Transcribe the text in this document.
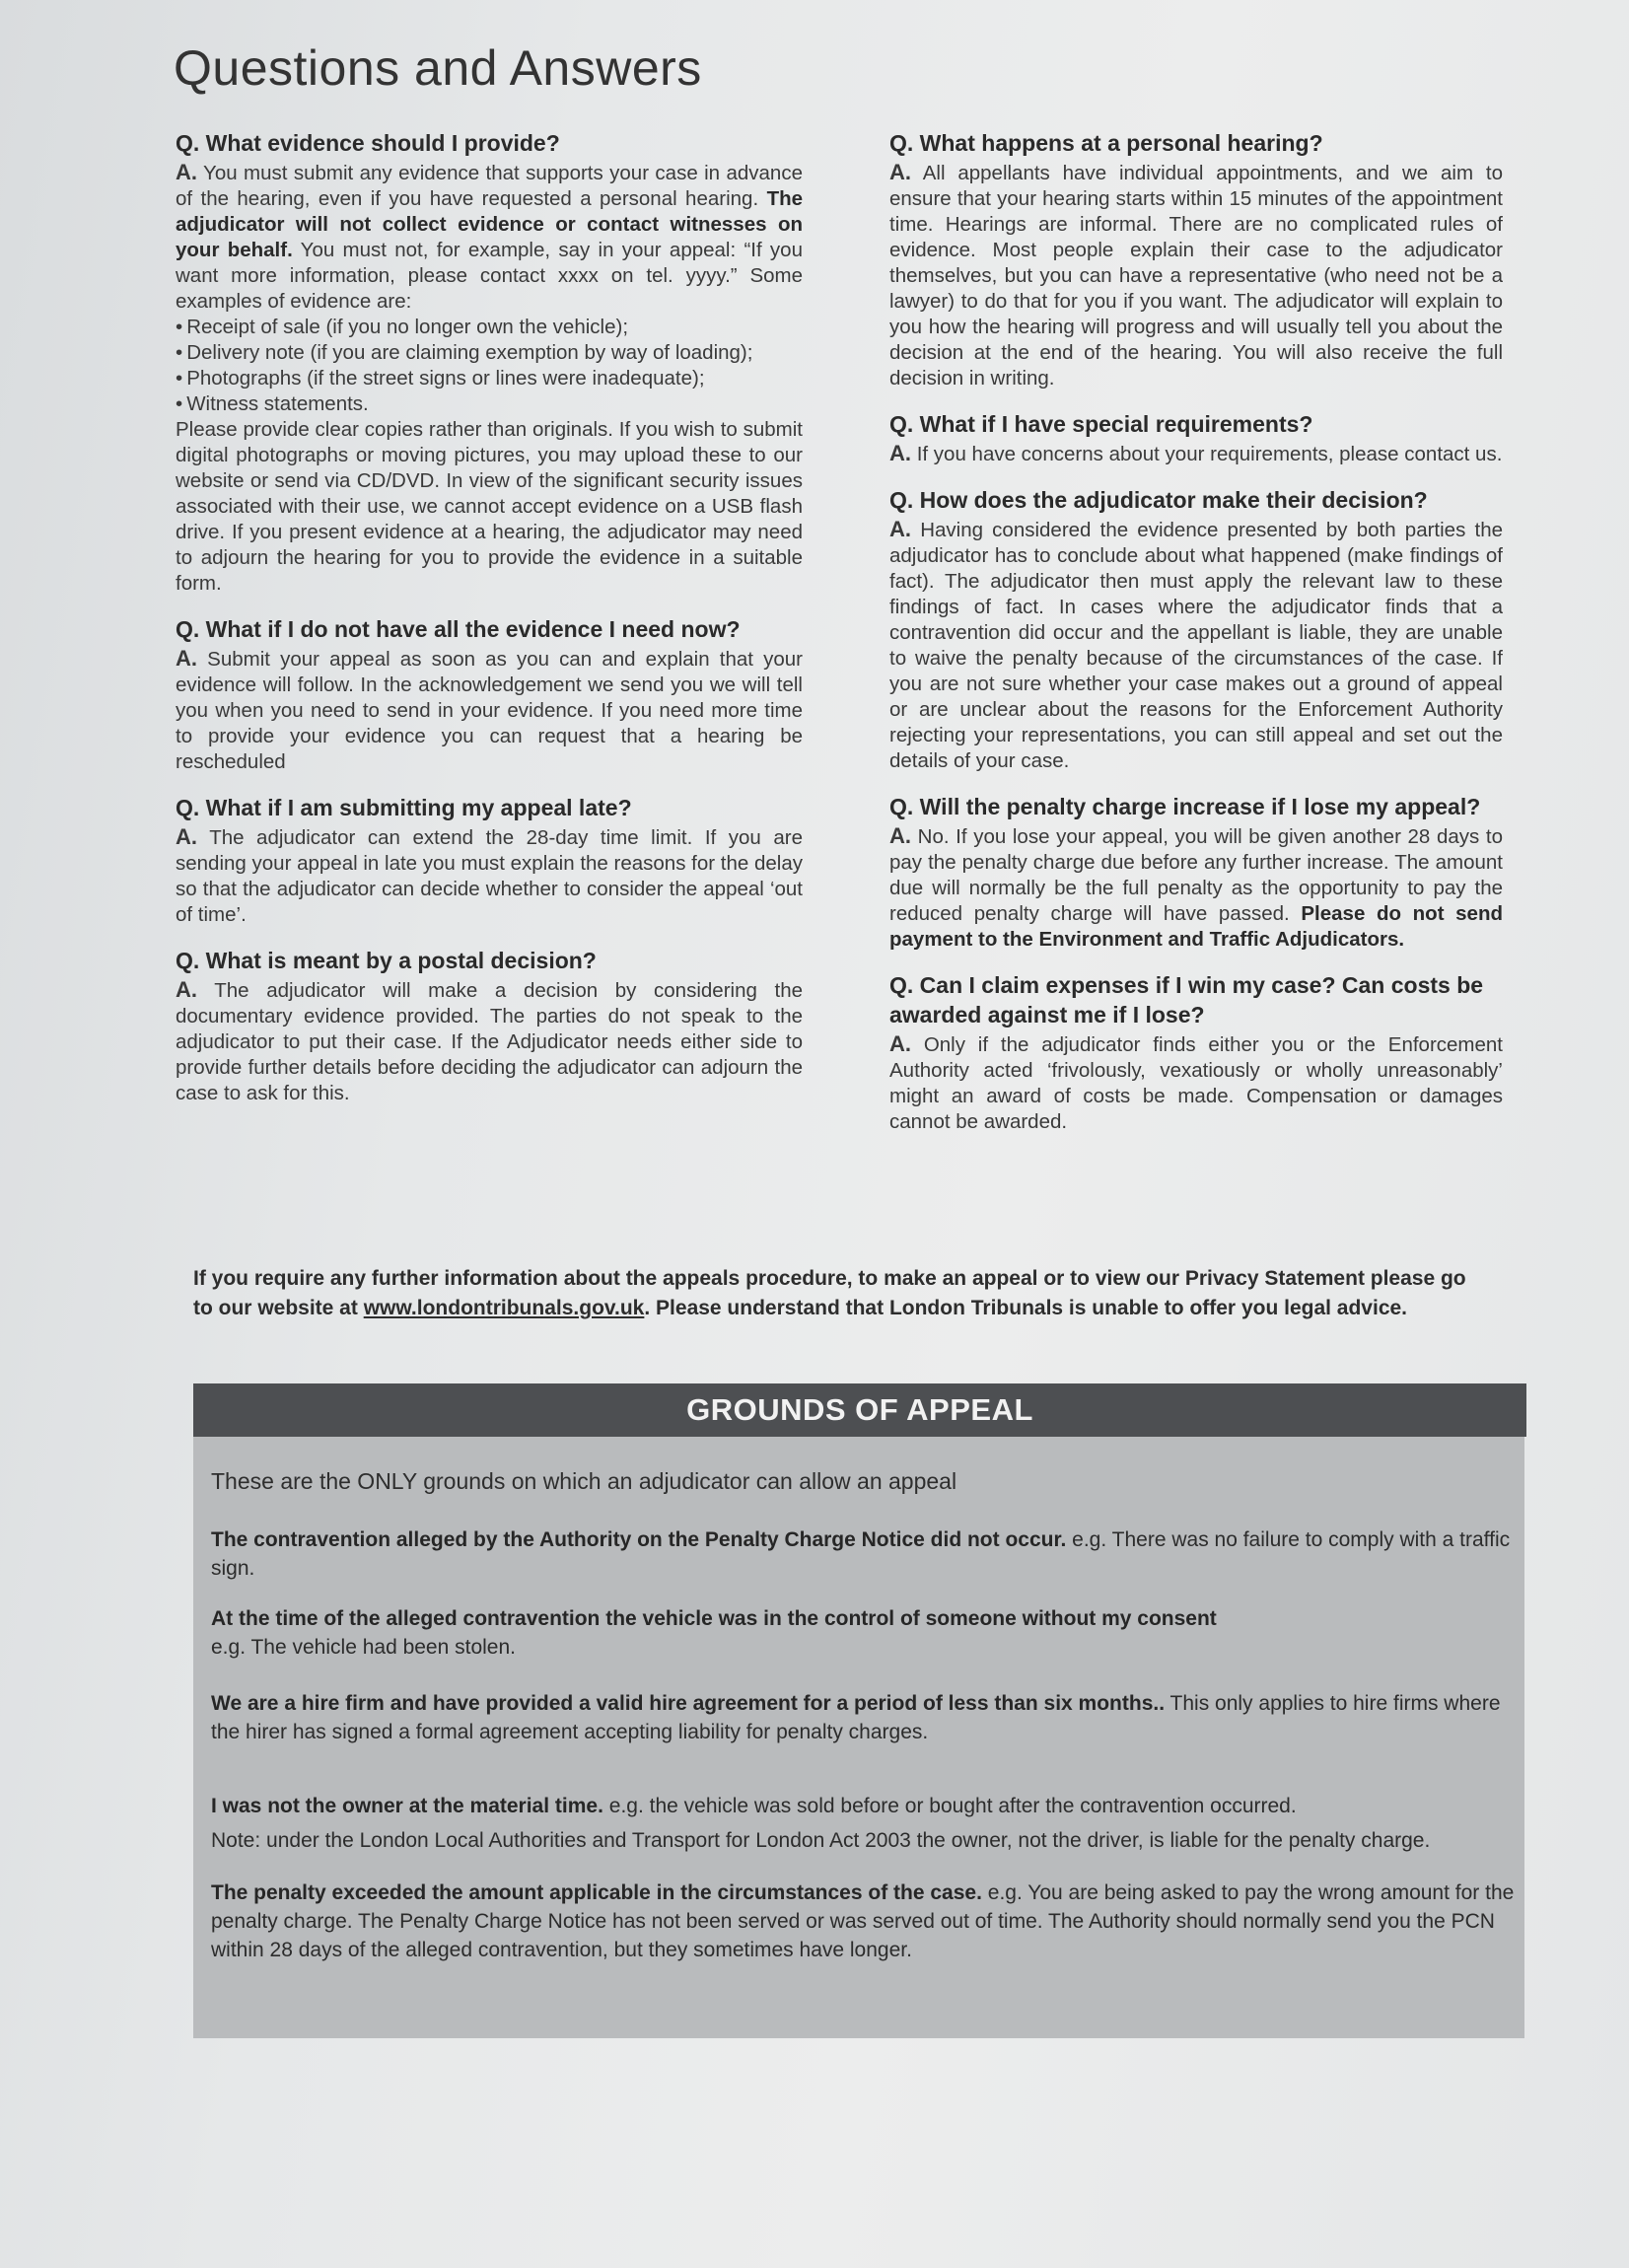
Questions and Answers

Q. What evidence should I provide?

A. You must submit any evidence that supports your case in advance of the hearing, even if you have requested a personal hearing. The adjudicator will not collect evidence or contact witnesses on your behalf. You must not, for example, say in your appeal: “If you want more information, please contact xxxx on tel. yyyy.” Some examples of evidence are:

• Receipt of sale (if you no longer own the vehicle);
• Delivery note (if you are claiming exemption by way of loading);
• Photographs (if the street signs or lines were inadequate);
• Witness statements.

Please provide clear copies rather than originals. If you wish to submit digital photographs or moving pictures, you may upload these to our website or send via CD/DVD. In view of the significant security issues associated with their use, we cannot accept evidence on a USB flash drive. If you present evidence at a hearing, the adjudicator may need to adjourn the hearing for you to provide the evidence in a suitable form.

Q. What if I do not have all the evidence I need now?

A. Submit your appeal as soon as you can and explain that your evidence will follow. In the acknowledgement we send you we will tell you when you need to send in your evidence. If you need more time to provide your evidence you can request that a hearing be rescheduled

Q. What if I am submitting my appeal late?

A. The adjudicator can extend the 28-day time limit. If you are sending your appeal in late you must explain the reasons for the delay so that the adjudicator can decide whether to consider the appeal ‘out of time’.

Q. What is meant by a postal decision?

A. The adjudicator will make a decision by considering the documentary evidence provided. The parties do not speak to the adjudicator to put their case. If the Adjudicator needs either side to provide further details before deciding the adjudicator can adjourn the case to ask for this.

Q. What happens at a personal hearing?

A. All appellants have individual appointments, and we aim to ensure that your hearing starts within 15 minutes of the appointment time. Hearings are informal. There are no complicated rules of evidence. Most people explain their case to the adjudicator themselves, but you can have a representative (who need not be a lawyer) to do that for you if you want. The adjudicator will explain to you how the hearing will progress and will usually tell you about the decision at the end of the hearing. You will also receive the full decision in writing.

Q. What if I have special requirements?

A. If you have concerns about your requirements, please contact us.

Q. How does the adjudicator make their decision?

A. Having considered the evidence presented by both parties the adjudicator has to conclude about what happened (make findings of fact). The adjudicator then must apply the relevant law to these findings of fact. In cases where the adjudicator finds that a contravention did occur and the appellant is liable, they are unable to waive the penalty because of the circumstances of the case. If you are not sure whether your case makes out a ground of appeal or are unclear about the reasons for the Enforcement Authority rejecting your representations, you can still appeal and set out the details of your case.

Q. Will the penalty charge increase if I lose my appeal?

A. No. If you lose your appeal, you will be given another 28 days to pay the penalty charge due before any further increase. The amount due will normally be the full penalty as the opportunity to pay the reduced penalty charge will have passed. Please do not send payment to the Environment and Traffic Adjudicators.

Q. Can I claim expenses if I win my case? Can costs be awarded against me if I lose?

A. Only if the adjudicator finds either you or the Enforcement Authority acted ‘frivolously, vexatiously or wholly unreasonably’ might an award of costs be made. Compensation or damages cannot be awarded.

If you require any further information about the appeals procedure, to make an appeal or to view our Privacy Statement please go to our website at www.londontribunals.gov.uk. Please understand that London Tribunals is unable to offer you legal advice.

GROUNDS OF APPEAL

These are the ONLY grounds on which an adjudicator can allow an appeal

The contravention alleged by the Authority on the Penalty Charge Notice did not occur. e.g. There was no failure to comply with a traffic sign.

At the time of the alleged contravention the vehicle was in the control of someone without my consent
e.g. The vehicle had been stolen.

We are a hire firm and have provided a valid hire agreement for a period of less than six months.. This only applies to hire firms where the hirer has signed a formal agreement accepting liability for penalty charges.

I was not the owner at the material time. e.g. the vehicle was sold before or bought after the contravention occurred.
Note: under the London Local Authorities and Transport for London Act 2003 the owner, not the driver, is liable for the penalty charge.

The penalty exceeded the amount applicable in the circumstances of the case. e.g. You are being asked to pay the wrong amount for the penalty charge. The Penalty Charge Notice has not been served or was served out of time. The Authority should normally send you the PCN within 28 days of the alleged contravention, but they sometimes have longer.
